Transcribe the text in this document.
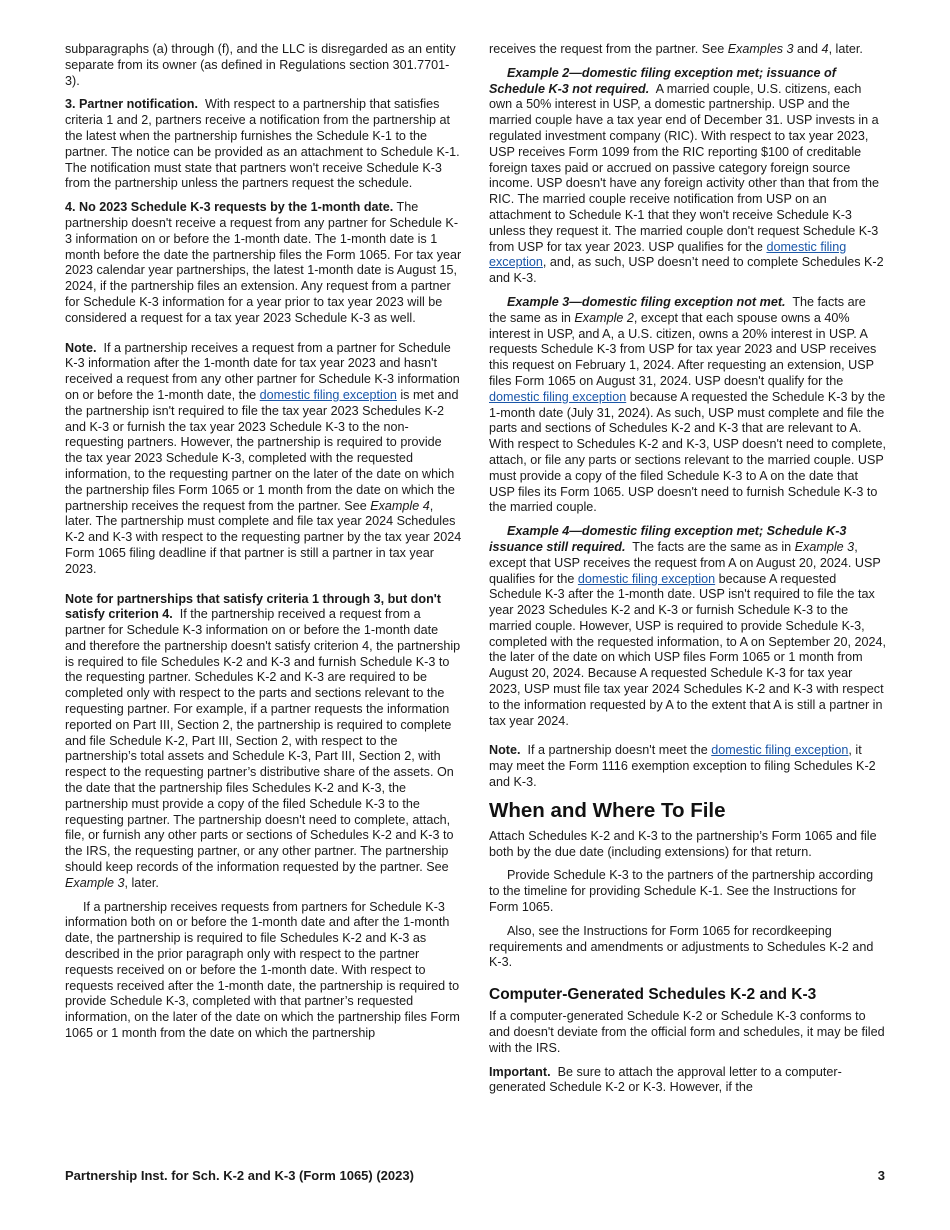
subparagraphs (a) through (f), and the LLC is disregarded as an entity separate from its owner (as defined in Regulations section 301.7701-3).

3. Partner notification. With respect to a partnership that satisfies criteria 1 and 2, partners receive a notification from the partnership at the latest when the partnership furnishes the Schedule K-1 to the partner. The notice can be provided as an attachment to Schedule K-1. The notification must state that partners won't receive Schedule K-3 from the partnership unless the partners request the schedule.

4. No 2023 Schedule K-3 requests by the 1-month date. The partnership doesn't receive a request from any partner for Schedule K-3 information on or before the 1-month date. The 1-month date is 1 month before the date the partnership files the Form 1065. For tax year 2023 calendar year partnerships, the latest 1-month date is August 15, 2024, if the partnership files an extension. Any request from a partner for Schedule K-3 information for a year prior to tax year 2023 will be considered a request for a tax year 2023 Schedule K-3 as well.

Note. If a partnership receives a request from a partner for Schedule K-3 information after the 1-month date for tax year 2023 and hasn't received a request from any other partner for Schedule K-3 information on or before the 1-month date, the domestic filing exception is met and the partnership isn't required to file the tax year 2023 Schedules K-2 and K-3 or furnish the tax year 2023 Schedule K-3 to the non-requesting partners. However, the partnership is required to provide the tax year 2023 Schedule K-3, completed with the requested information, to the requesting partner on the later of the date on which the partnership files Form 1065 or 1 month from the date on which the partnership receives the request from the partner. See Example 4, later. The partnership must complete and file tax year 2024 Schedules K-2 and K-3 with respect to the requesting partner by the tax year 2024 Form 1065 filing deadline if that partner is still a partner in tax year 2023.

Note for partnerships that satisfy criteria 1 through 3, but don't satisfy criterion 4. If the partnership received a request from a partner for Schedule K-3 information on or before the 1-month date and therefore the partnership doesn't satisfy criterion 4, the partnership is required to file Schedules K-2 and K-3 and furnish Schedule K-3 to the requesting partner. Schedules K-2 and K-3 are required to be completed only with respect to the parts and sections relevant to the requesting partner. For example, if a partner requests the information reported on Part III, Section 2, the partnership is required to complete and file Schedule K-2, Part III, Section 2, with respect to the partnership’s total assets and Schedule K-3, Part III, Section 2, with respect to the requesting partner’s distributive share of the assets. On the date that the partnership files Schedules K-2 and K-3, the partnership must provide a copy of the filed Schedule K-3 to the requesting partner. The partnership doesn't need to complete, attach, file, or furnish any other parts or sections of Schedules K-2 and K-3 to the IRS, the requesting partner, or any other partner. The partnership should keep records of the information requested by the partner. See Example 3, later.

If a partnership receives requests from partners for Schedule K-3 information both on or before the 1-month date and after the 1-month date, the partnership is required to file Schedules K-2 and K-3 as described in the prior paragraph only with respect to the partner requests received on or before the 1-month date. With respect to requests received after the 1-month date, the partnership is required to provide Schedule K-3, completed with that partner’s requested information, on the later of the date on which the partnership files Form 1065 or 1 month from the date on which the partnership

receives the request from the partner. See Examples 3 and 4, later.

Example 2—domestic filing exception met; issuance of Schedule K-3 not required. A married couple, U.S. citizens, each own a 50% interest in USP, a domestic partnership. USP and the married couple have a tax year end of December 31. USP invests in a regulated investment company (RIC). With respect to tax year 2023, USP receives Form 1099 from the RIC reporting $100 of creditable foreign taxes paid or accrued on passive category foreign source income. USP doesn't have any foreign activity other than that from the RIC. The married couple receive notification from USP on an attachment to Schedule K-1 that they won't receive Schedule K-3 unless they request it. The married couple don't request Schedule K-3 from USP for tax year 2023. USP qualifies for the domestic filing exception, and, as such, USP doesn’t need to complete Schedules K-2 and K-3.

Example 3—domestic filing exception not met. The facts are the same as in Example 2, except that each spouse owns a 40% interest in USP, and A, a U.S. citizen, owns a 20% interest in USP. A requests Schedule K-3 from USP for tax year 2023 and USP receives this request on February 1, 2024. After requesting an extension, USP files Form 1065 on August 31, 2024. USP doesn't qualify for the domestic filing exception because A requested the Schedule K-3 by the 1-month date (July 31, 2024). As such, USP must complete and file the parts and sections of Schedules K-2 and K-3 that are relevant to A. With respect to Schedules K-2 and K-3, USP doesn't need to complete, attach, or file any parts or sections relevant to the married couple. USP must provide a copy of the filed Schedule K-3 to A on the date that USP files its Form 1065. USP doesn't need to furnish Schedule K-3 to the married couple.

Example 4—domestic filing exception met; Schedule K-3 issuance still required. The facts are the same as in Example 3, except that USP receives the request from A on August 20, 2024. USP qualifies for the domestic filing exception because A requested Schedule K-3 after the 1-month date. USP isn't required to file the tax year 2023 Schedules K-2 and K-3 or furnish Schedule K-3 to the married couple. However, USP is required to provide Schedule K-3, completed with the requested information, to A on September 20, 2024, the later of the date on which USP files Form 1065 or 1 month from August 20, 2024. Because A requested Schedule K-3 for tax year 2023, USP must file tax year 2024 Schedules K-2 and K-3 with respect to the information requested by A to the extent that A is still a partner in tax year 2024.

Note. If a partnership doesn't meet the domestic filing exception, it may meet the Form 1116 exemption exception to filing Schedules K-2 and K-3.

When and Where To File

Attach Schedules K-2 and K-3 to the partnership’s Form 1065 and file both by the due date (including extensions) for that return.

Provide Schedule K-3 to the partners of the partnership according to the timeline for providing Schedule K-1. See the Instructions for Form 1065.

Also, see the Instructions for Form 1065 for recordkeeping requirements and amendments or adjustments to Schedules K-2 and K-3.

Computer-Generated Schedules K-2 and K-3

If a computer-generated Schedule K-2 or Schedule K-3 conforms to and doesn't deviate from the official form and schedules, it may be filed with the IRS.

Important. Be sure to attach the approval letter to a computer-generated Schedule K-2 or K-3. However, if the

Partnership Inst. for Sch. K-2 and K-3 (Form 1065) (2023)	3
